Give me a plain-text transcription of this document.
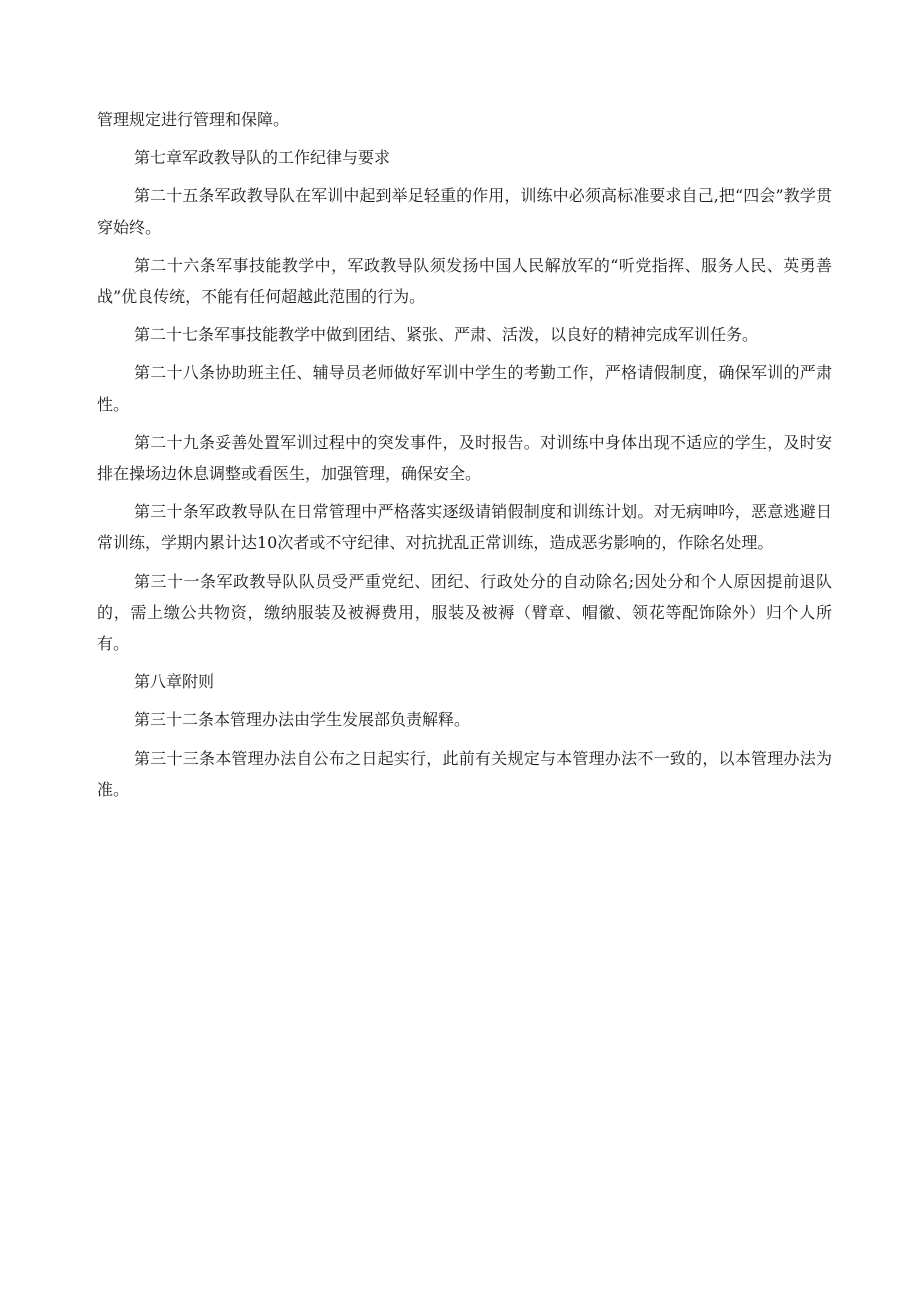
管理规定进行管理和保障。

第七章军政教导队的工作纪律与要求

第二十五条军政教导队在军训中起到举足轻重的作用，训练中必须高标准要求自己,把“四会”教学贯穿始终。

第二十六条军事技能教学中，军政教导队须发扬中国人民解放军的“听党指挥、服务人民、英勇善战”优良传统，不能有任何超越此范围的行为。

第二十七条军事技能教学中做到团结、紧张、严肃、活泼，以良好的精神完成军训任务。

第二十八条协助班主任、辅导员老师做好军训中学生的考勤工作，严格请假制度，确保军训的严肃性。

第二十九条妥善处置军训过程中的突发事件，及时报告。对训练中身体出现不适应的学生，及时安排在操场边休息调整或看医生，加强管理，确保安全。

第三十条军政教导队在日常管理中严格落实逐级请销假制度和训练计划。对无病呻吟，恶意逃避日常训练，学期内累计达10次者或不守纪律、对抗扰乱正常训练，造成恶劣影响的，作除名处理。

第三十一条军政教导队队员受严重党纪、团纪、行政处分的自动除名;因处分和个人原因提前退队的，需上缴公共物资，缴纳服装及被褥费用，服装及被褥（臂章、帽徽、领花等配饰除外）归个人所有。

第八章附则

第三十二条本管理办法由学生发展部负责解释。

第三十三条本管理办法自公布之日起实行，此前有关规定与本管理办法不一致的，以本管理办法为准。
